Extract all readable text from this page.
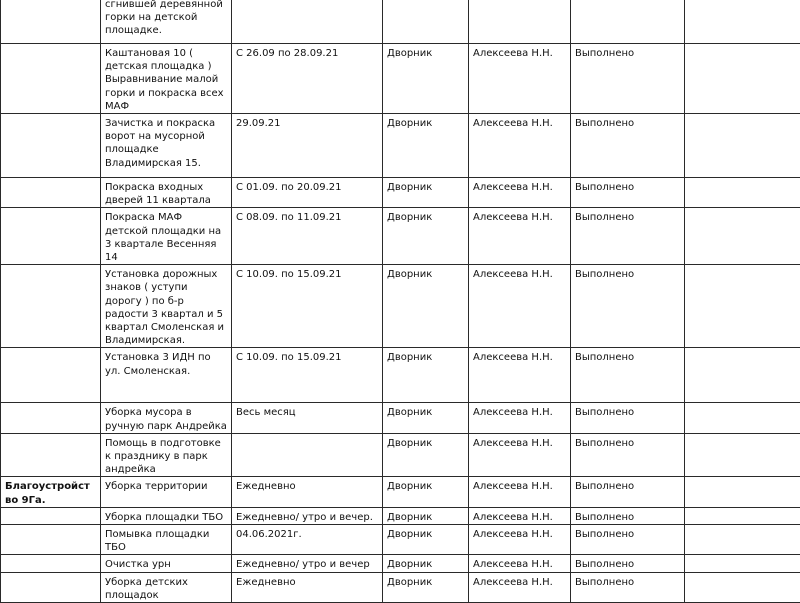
	сгнившей деревянной горки на детской площадке.					
	Каштановая 10 ( детская площадка ) Выравнивание малой горки и покраска всех МАФ	С 26.09 по 28.09.21	Дворник	Алексеева Н.Н.	Выполнено	
	Зачистка и покраска ворот на мусорной площадке Владимирская 15.	29.09.21	Дворник	Алексеева Н.Н.	Выполнено	
	Покраска входных дверей 11 квартала	С 01.09. по 20.09.21	Дворник	Алексеева Н.Н.	Выполнено	
	Покраска МАФ детской площадки на 3 квартале Весенняя 14	С 08.09. по 11.09.21	Дворник	Алексеева Н.Н.	Выполнено	
	Установка дорожных знаков ( уступи дорогу ) по б-р радости 3 квартал и 5 квартал Смоленская и Владимирская.	С 10.09. по 15.09.21	Дворник	Алексеева Н.Н.	Выполнено	
	Установка 3 ИДН по ул. Смоленская.	С 10.09. по 15.09.21	Дворник	Алексеева Н.Н.	Выполнено	
	Уборка мусора в ручную парк Андрейка	Весь месяц	Дворник	Алексеева Н.Н.	Выполнено	
	Помощь в подготовке к празднику в парк андрейка		Дворник	Алексеева Н.Н.	Выполнено	
Благоустройство 9Га.	Уборка территории	Ежедневно	Дворник	Алексеева Н.Н.	Выполнено	
	Уборка площадки ТБО	Ежедневно/ утро и вечер.	Дворник	Алексеева Н.Н.	Выполнено	
	Помывка площадки ТБО	04.06.2021г.	Дворник	Алексеева Н.Н.	Выполнено	
	Очистка урн	Ежедневно/ утро и вечер	Дворник	Алексеева Н.Н.	Выполнено	
	Уборка детских площадок	Ежедневно	Дворник	Алексеева Н.Н.	Выполнено	
